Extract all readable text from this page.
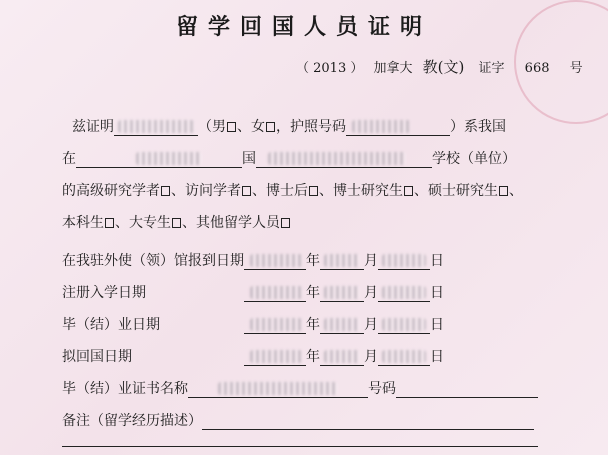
留学回国人员证明
（ 2013 ） 加拿大 教(文) 证字 668 号
兹证明	（男 、女 ，护照号码	）系我国
在	国	学校（单位）
的高级研究学者 、访问学者 、博士后 、博士研究生 、硕士研究生 、
本科生 、大专生 、其他留学人员
在我驻外使（领）馆报到日期	年	月	日
注册入学日期	年	月	日
毕（结）业日期	年	月	日
拟回国日期	年	月	日
毕（结）业证书名称	号码
备注（留学经历描述）
